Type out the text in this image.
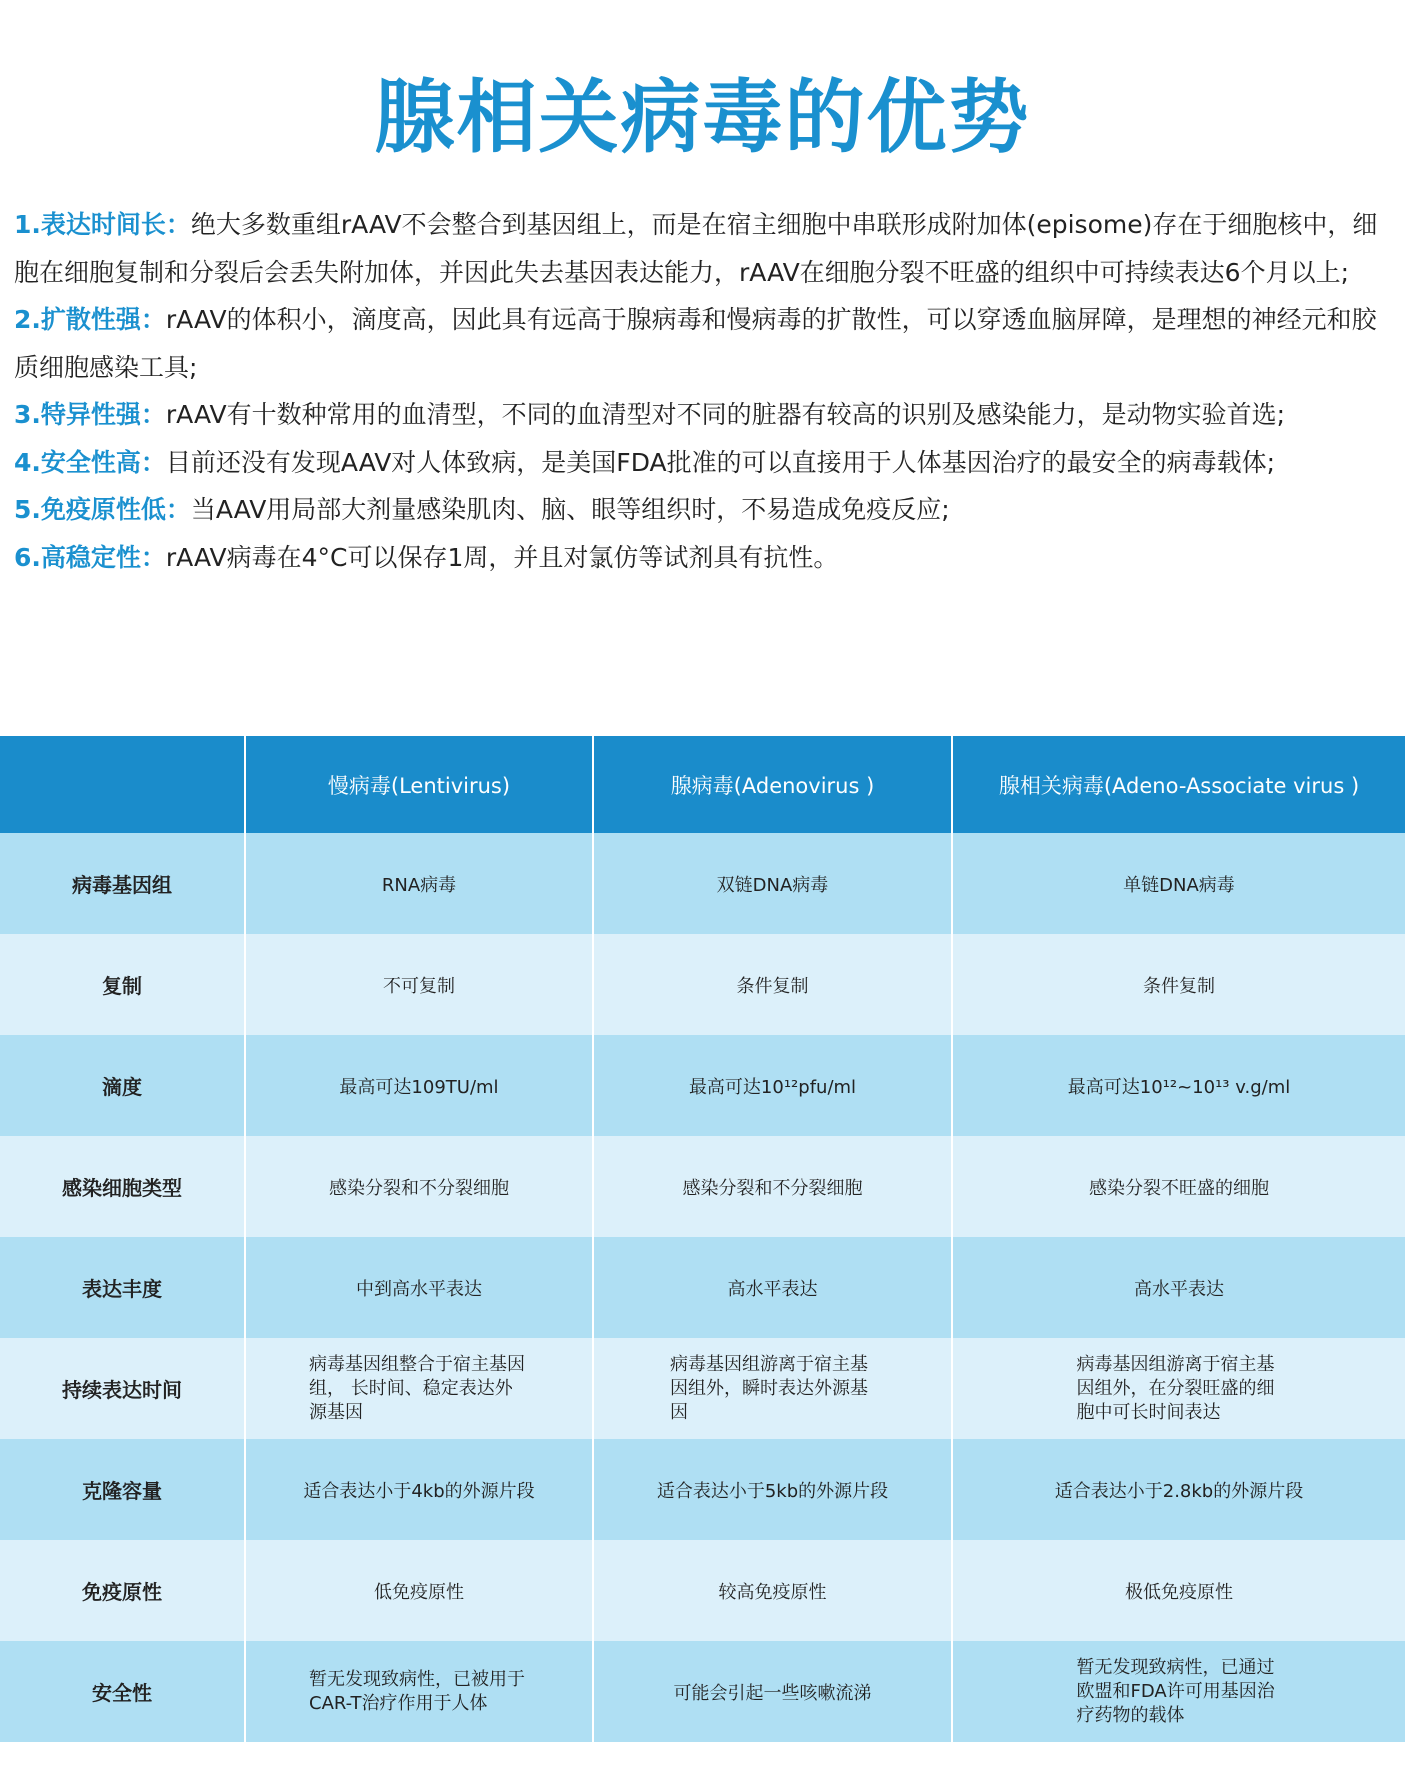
腺相关病毒的优势

1.表达时间长：绝大多数重组rAAV不会整合到基因组上，而是在宿主细胞中串联形成附加体(episome)存在于细胞核中，细胞在细胞复制和分裂后会丢失附加体，并因此失去基因表达能力，rAAV在细胞分裂不旺盛的组织中可持续表达6个月以上;

2.扩散性强：rAAV的体积小，滴度高，因此具有远高于腺病毒和慢病毒的扩散性，可以穿透血脑屏障，是理想的神经元和胶质细胞感染工具;

3.特异性强：rAAV有十数种常用的血清型，不同的血清型对不同的脏器有较高的识别及感染能力，是动物实验首选;

4.安全性高：目前还没有发现AAV对人体致病，是美国FDA批准的可以直接用于人体基因治疗的最安全的病毒载体;

5.免疫原性低：当AAV用局部大剂量感染肌肉、脑、眼等组织时，不易造成免疫反应;

6.高稳定性：rAAV病毒在4°C可以保存1周，并且对氯仿等试剂具有抗性。

	慢病毒(Lentivirus)	腺病毒(Adenovirus )	腺相关病毒(Adeno-Associate virus )
病毒基因组	RNA病毒	双链DNA病毒	单链DNA病毒
复制	不可复制	条件复制	条件复制
滴度	最高可达109TU/ml	最高可达10¹²pfu/ml	最高可达10¹²~10¹³ v.g/ml
感染细胞类型	感染分裂和不分裂细胞	感染分裂和不分裂细胞	感染分裂不旺盛的细胞
表达丰度	中到高水平表达	高水平表达	高水平表达
持续表达时间	病毒基因组整合于宿主基因组， 长时间、稳定表达外源基因	病毒基因组游离于宿主基因组外，瞬时表达外源基因	病毒基因组游离于宿主基因组外，在分裂旺盛的细胞中可长时间表达
克隆容量	适合表达小于4kb的外源片段	适合表达小于5kb的外源片段	适合表达小于2.8kb的外源片段
免疫原性	低免疫原性	较高免疫原性	极低免疫原性
安全性	暂无发现致病性，已被用于CAR-T治疗作用于人体	可能会引起一些咳嗽流涕	暂无发现致病性，已通过欧盟和FDA许可用基因治疗药物的载体
